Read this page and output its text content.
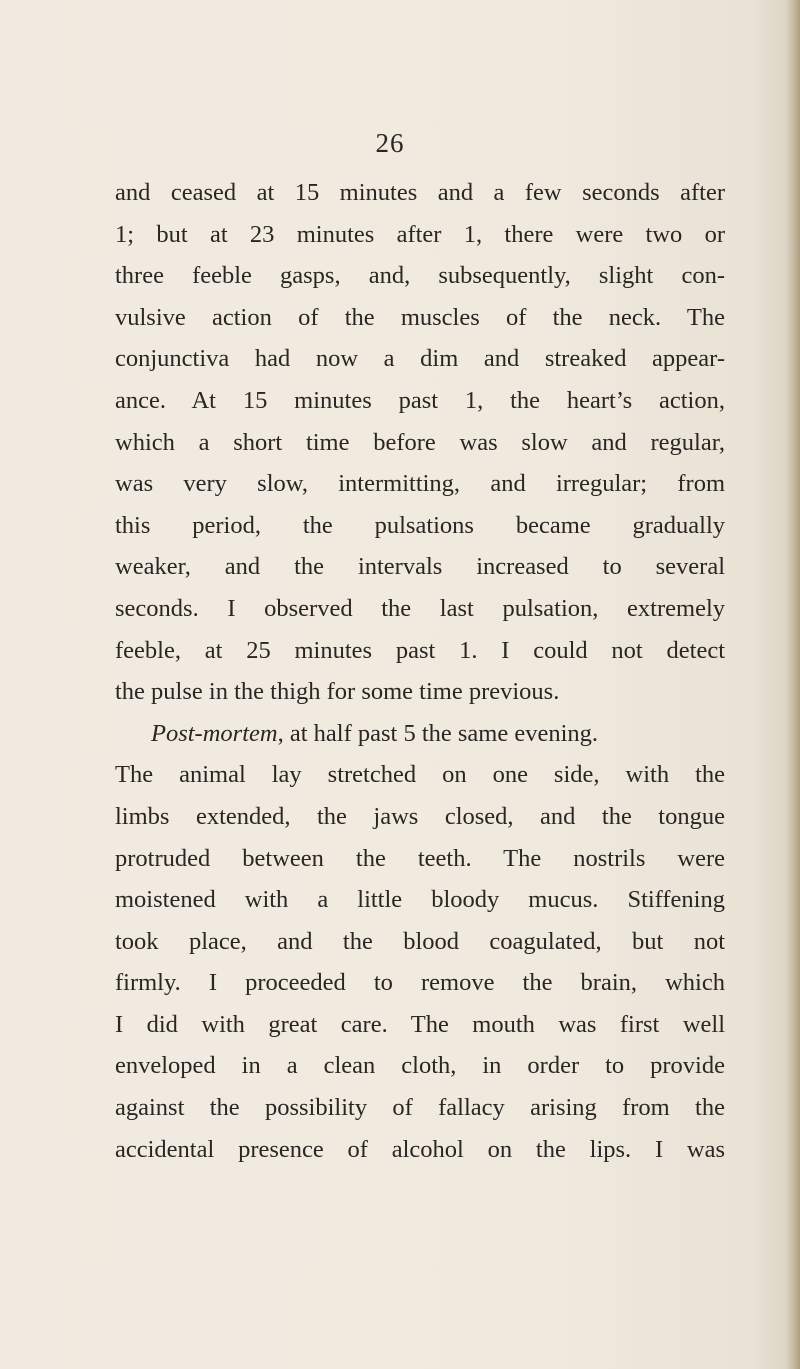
26
and ceased at 15 minutes and a few seconds after
1; but at 23 minutes after 1, there were two or
three feeble gasps, and, subsequently, slight con-
vulsive action of the muscles of the neck. The
conjunctiva had now a dim and streaked appear-
ance. At 15 minutes past 1, the heart’s action,
which a short time before was slow and regular,
was very slow, intermitting, and irregular; from
this period, the pulsations became gradually
weaker, and the intervals increased to several
seconds. I observed the last pulsation, extremely
feeble, at 25 minutes past 1. I could not detect
the pulse in the thigh for some time previous.
Post-mortem, at half past 5 the same evening.
The animal lay stretched on one side, with the
limbs extended, the jaws closed, and the tongue
protruded between the teeth. The nostrils were
moistened with a little bloody mucus. Stiffening
took place, and the blood coagulated, but not
firmly. I proceeded to remove the brain, which
I did with great care. The mouth was first well
enveloped in a clean cloth, in order to provide
against the possibility of fallacy arising from the
accidental presence of alcohol on the lips. I was
